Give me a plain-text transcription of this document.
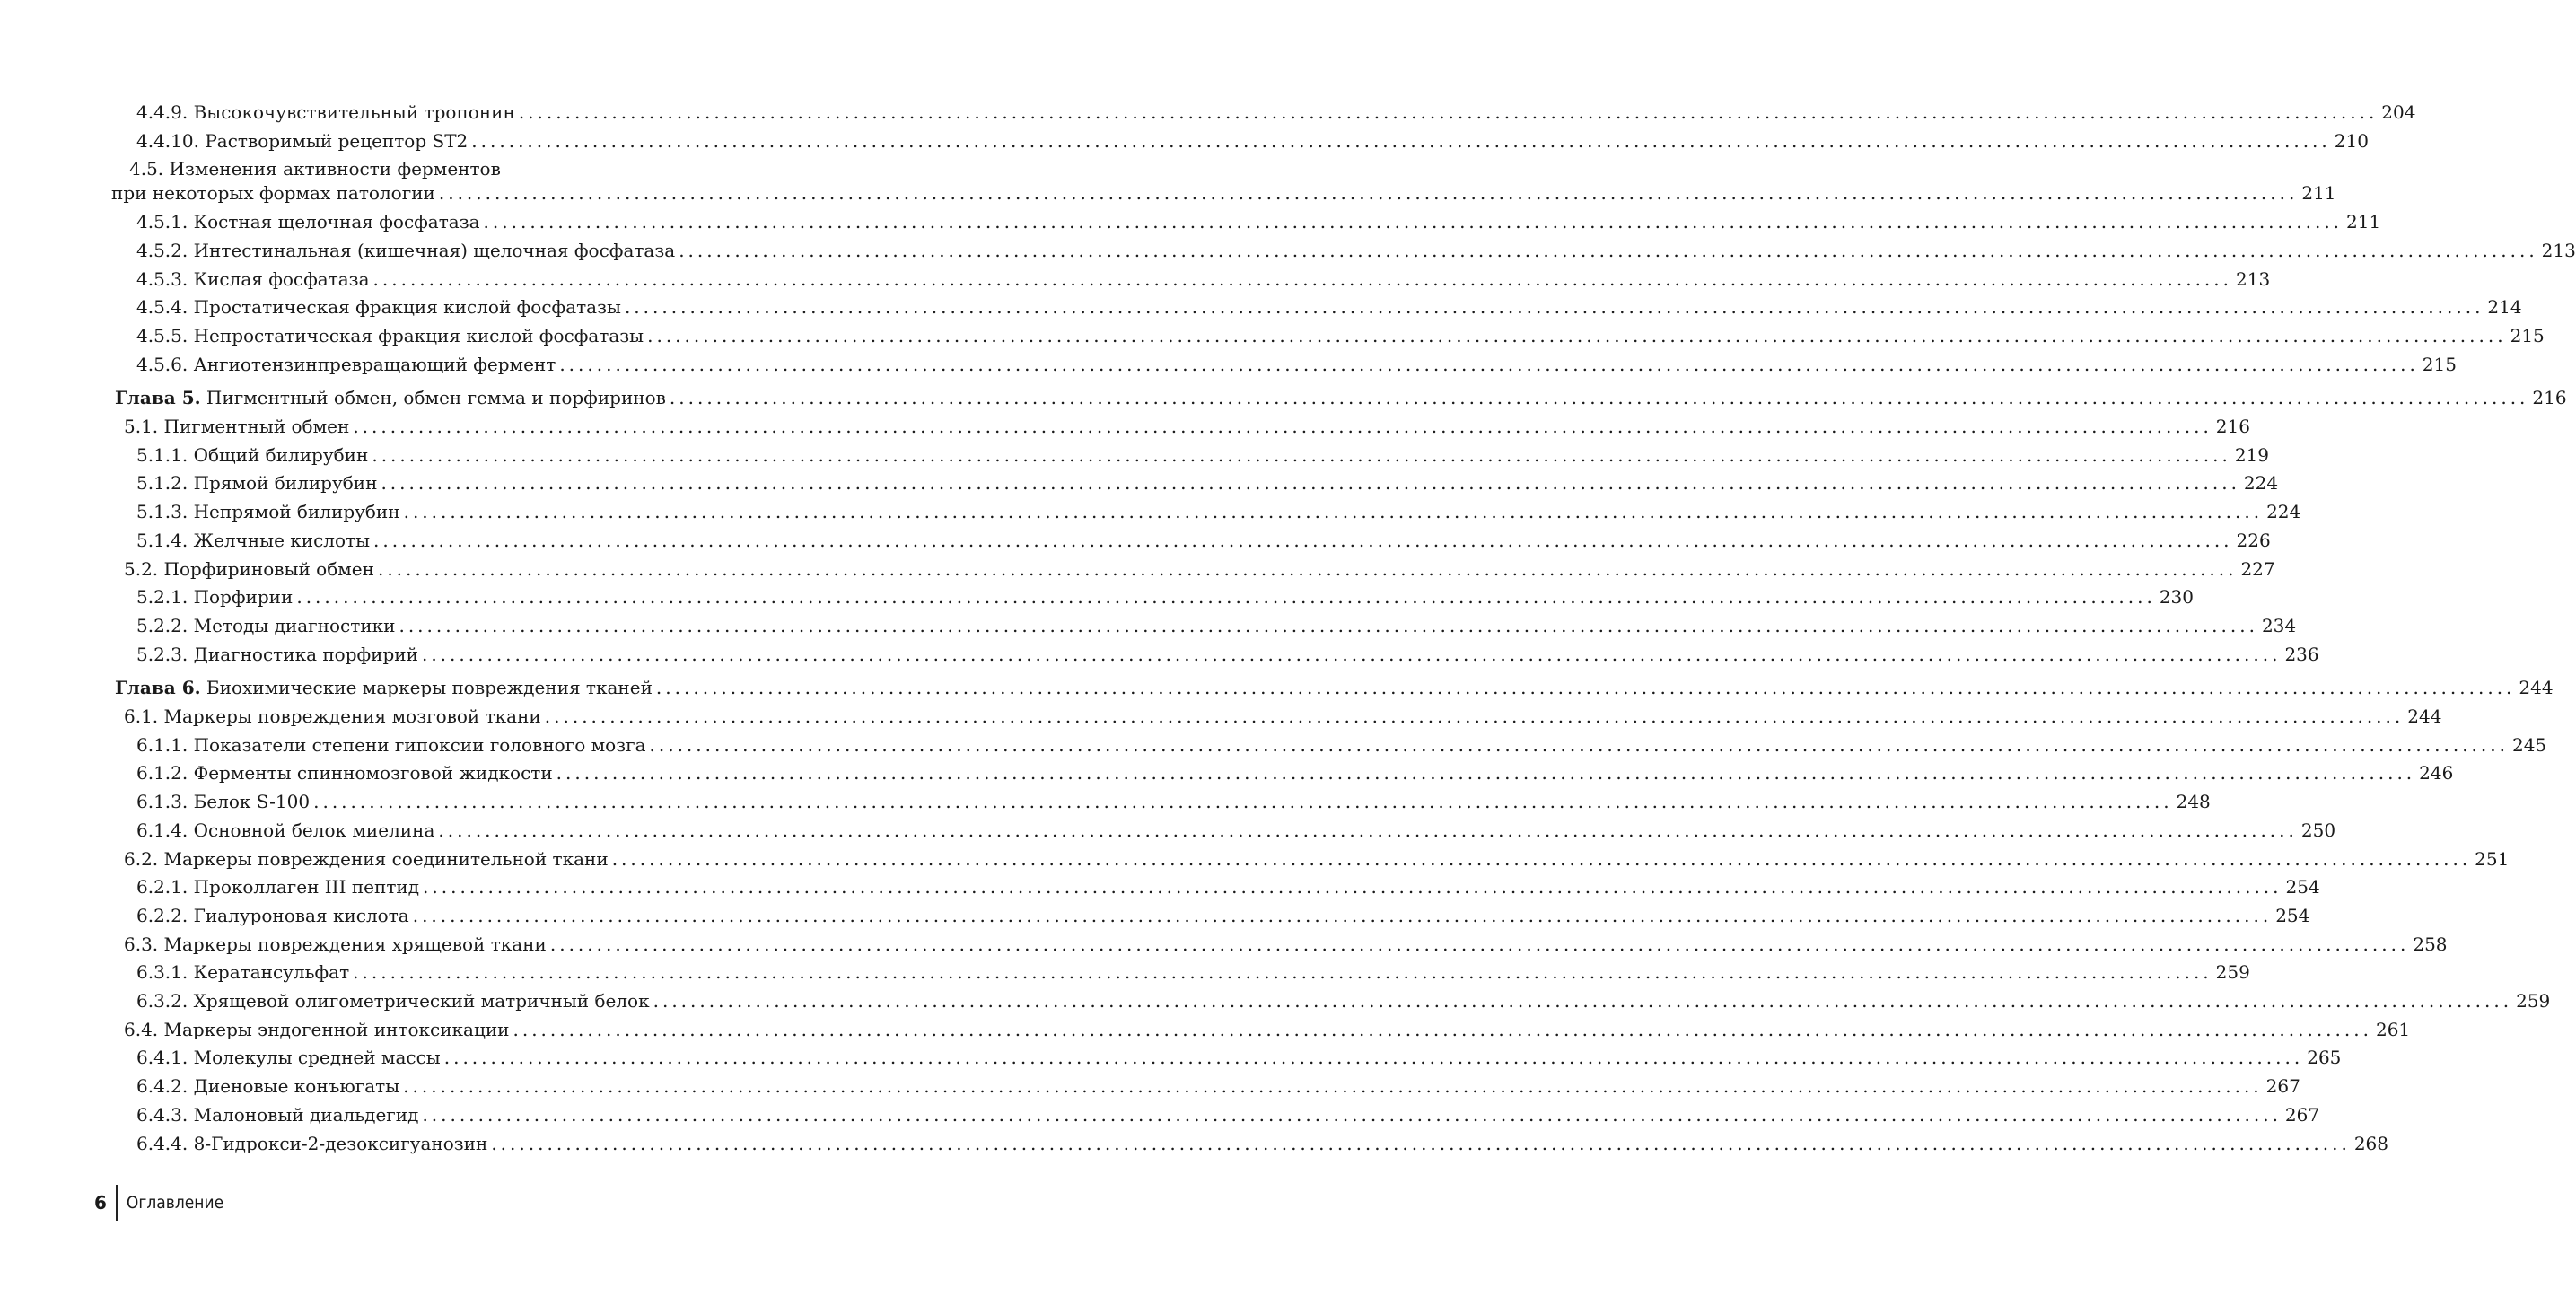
4.4.9. Высокочувствительный тропонин ........................................................................................................................................................................................................ 204
4.4.10. Растворимый рецептор ST2 ........................................................................................................................................................................................................ 210
4.5. Изменения активности ферментов
при некоторых формах патологии ........................................................................................................................................................................................................ 211
4.5.1. Костная щелочная фосфатаза ........................................................................................................................................................................................................ 211
4.5.2. Интестинальная (кишечная) щелочная фосфатаза ........................................................................................................................................................................................................ 213
4.5.3. Кислая фосфатаза ........................................................................................................................................................................................................ 213
4.5.4. Простатическая фракция кислой фосфатазы ........................................................................................................................................................................................................ 214
4.5.5. Непростатическая фракция кислой фосфатазы ........................................................................................................................................................................................................ 215
4.5.6. Ангиотензинпревращающий фермент ........................................................................................................................................................................................................ 215
Глава 5. Пигментный обмен, обмен гемма и порфиринов ........................................................................................................................................................................................................ 216
5.1. Пигментный обмен ........................................................................................................................................................................................................ 216
5.1.1. Общий билирубин ........................................................................................................................................................................................................ 219
5.1.2. Прямой билирубин ........................................................................................................................................................................................................ 224
5.1.3. Непрямой билирубин ........................................................................................................................................................................................................ 224
5.1.4. Желчные кислоты ........................................................................................................................................................................................................ 226
5.2. Порфириновый обмен ........................................................................................................................................................................................................ 227
5.2.1. Порфирии ........................................................................................................................................................................................................ 230
5.2.2. Методы диагностики ........................................................................................................................................................................................................ 234
5.2.3. Диагностика порфирий ........................................................................................................................................................................................................ 236
Глава 6. Биохимические маркеры повреждения тканей ........................................................................................................................................................................................................ 244
6.1. Маркеры повреждения мозговой ткани ........................................................................................................................................................................................................ 244
6.1.1. Показатели степени гипоксии головного мозга ........................................................................................................................................................................................................ 245
6.1.2. Ферменты спинномозговой жидкости ........................................................................................................................................................................................................ 246
6.1.3. Белок S-100 ........................................................................................................................................................................................................ 248
6.1.4. Основной белок миелина ........................................................................................................................................................................................................ 250
6.2. Маркеры повреждения соединительной ткани ........................................................................................................................................................................................................ 251
6.2.1. Проколлаген III пептид ........................................................................................................................................................................................................ 254
6.2.2. Гиалуроновая кислота ........................................................................................................................................................................................................ 254
6.3. Маркеры повреждения хрящевой ткани ........................................................................................................................................................................................................ 258
6.3.1. Кератансульфат ........................................................................................................................................................................................................ 259
6.3.2. Хрящевой олигометрический матричный белок ........................................................................................................................................................................................................ 259
6.4. Маркеры эндогенной интоксикации ........................................................................................................................................................................................................ 261
6.4.1. Молекулы средней массы ........................................................................................................................................................................................................ 265
6.4.2. Диеновые конъюгаты ........................................................................................................................................................................................................ 267
6.4.3. Малоновый диальдегид ........................................................................................................................................................................................................ 267
6.4.4. 8-Гидрокси-2-дезоксигуанозин ........................................................................................................................................................................................................ 268
6 Оглавление
